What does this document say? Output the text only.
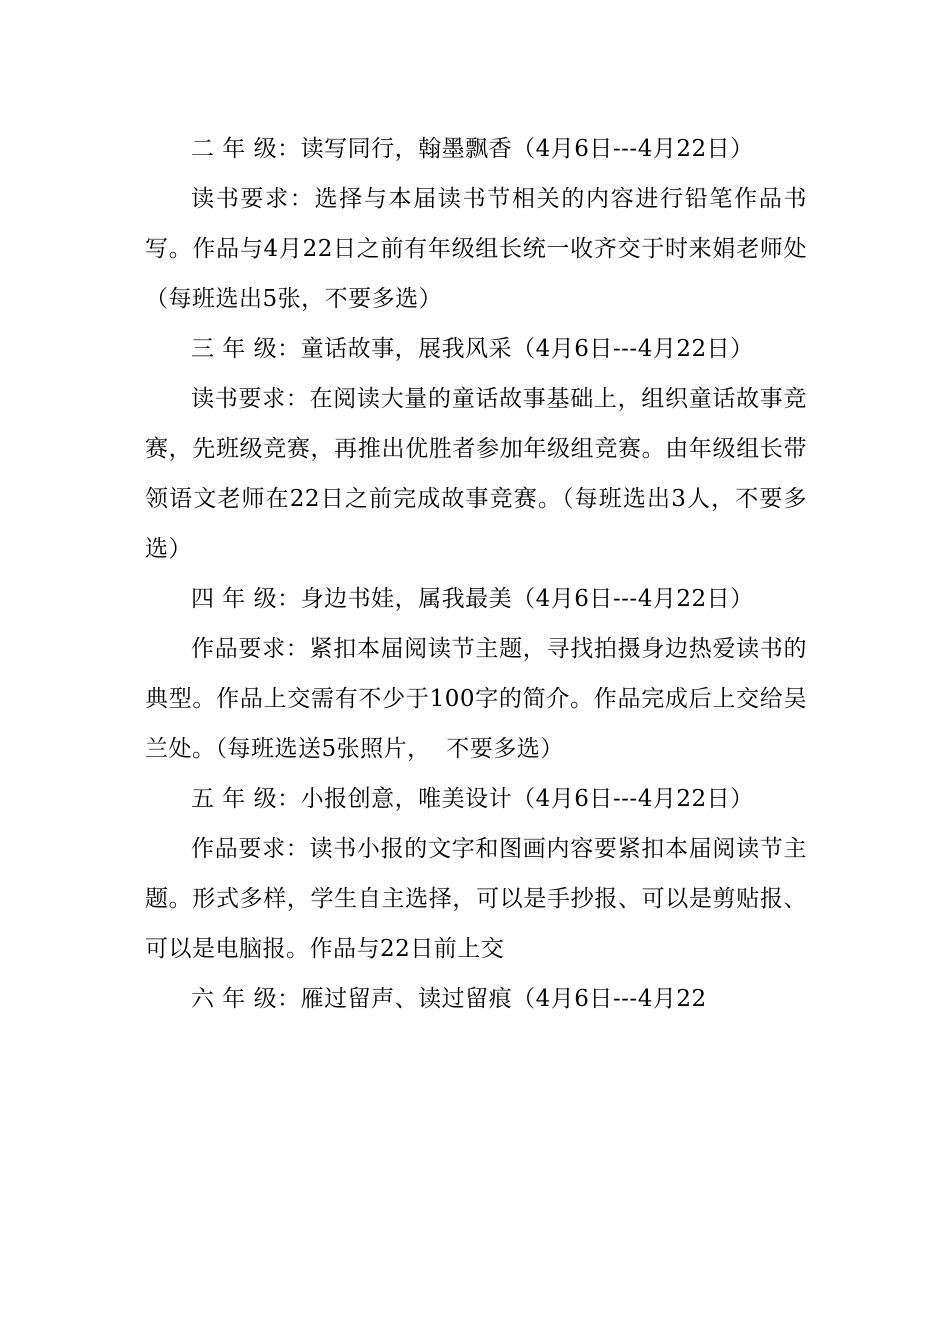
二 年 级：读写同行，翰墨飘香（4月6日---4月22日）

读书要求：选择与本届读书节相关的内容进行铅笔作品书写。作品与4月22日之前有年级组长统一收齐交于时来娟老师处（每班选出5张，不要多选）

三 年 级：童话故事，展我风采（4月6日---4月22日）

读书要求：在阅读大量的童话故事基础上，组织童话故事竞赛，先班级竞赛，再推出优胜者参加年级组竞赛。由年级组长带领语文老师在22日之前完成故事竞赛。（每班选出3人，不要多选）

四 年 级：身边书娃，属我最美（4月6日---4月22日）

作品要求：紧扣本届阅读节主题，寻找拍摄身边热爱读书的典型。作品上交需有不少于100字的简介。作品完成后上交给吴兰处。（每班选送5张照片，  不要多选）

五 年 级：小报创意，唯美设计（4月6日---4月22日）

作品要求：读书小报的文字和图画内容要紧扣本届阅读节主题。形式多样，学生自主选择，可以是手抄报、可以是剪贴报、可以是电脑报。作品与22日前上交

六 年 级：雁过留声、读过留痕（4月6日---4月22
